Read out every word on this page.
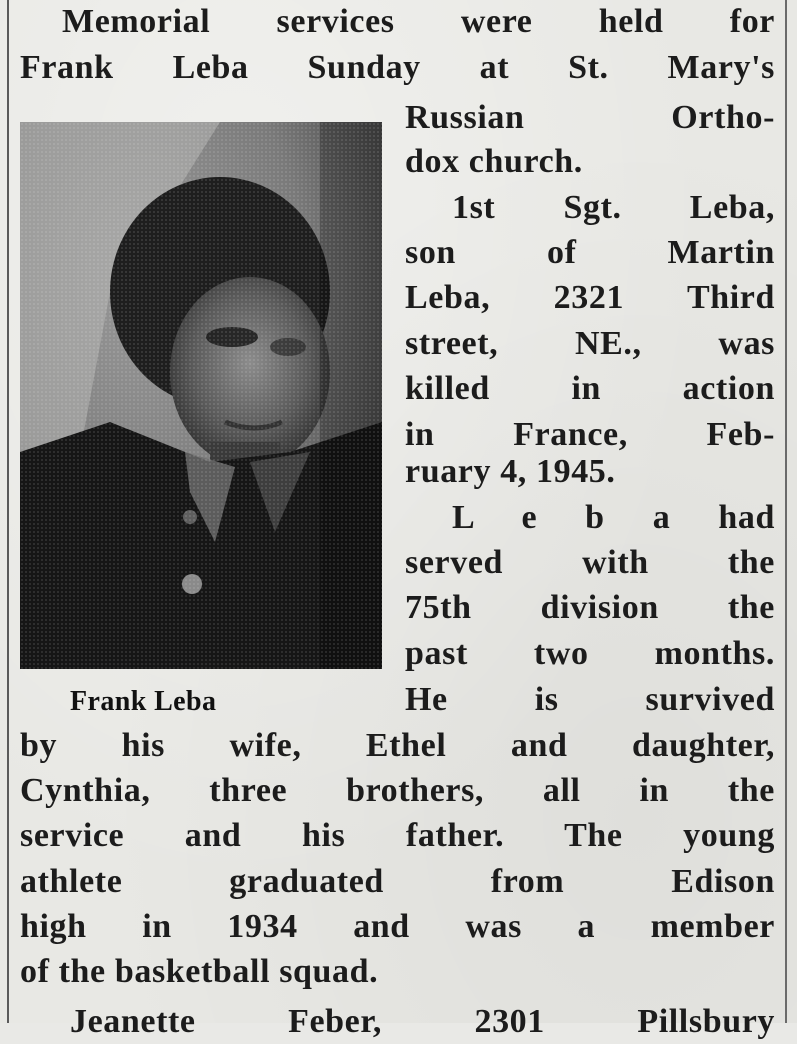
Memorial services were held for
Frank Leba Sunday at St. Mary's
Russian Ortho-
dox church.
1st Sgt. Leba,
son of Martin
Leba, 2321 Third
street, NE., was
killed in action
in France, Feb-
ruary 4, 1945.
L e b a had
served with the
75th division the
past two months.
He is survived
Frank Leba
by his wife, Ethel and daughter,
Cynthia, three brothers, all in the
service and his father. The young
athlete graduated from Edison
high in 1934 and was a member
of the basketball squad.
Jeanette Feber, 2301 Pillsbury
